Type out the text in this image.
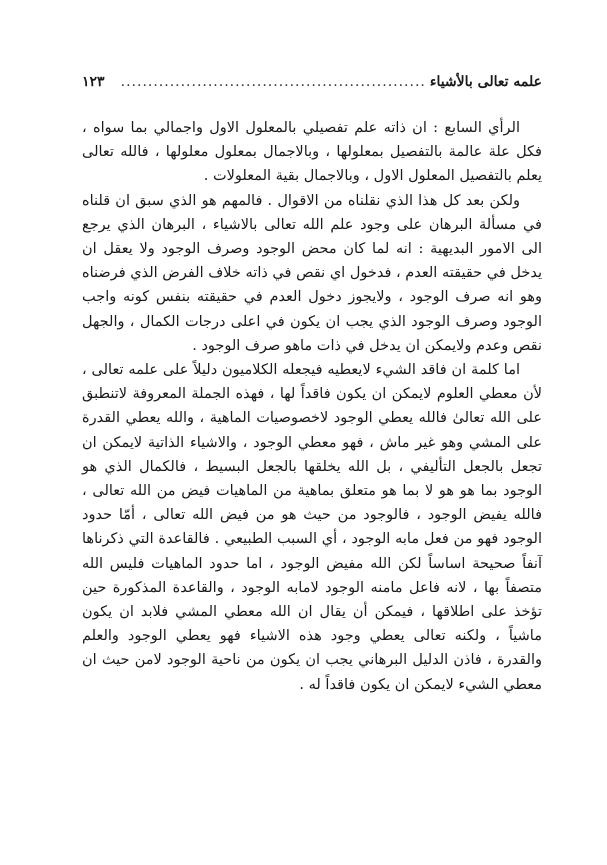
علمه تعالى بالأشياء
........................................................
١٢٣

الرأي السابع : ان ذاته علم تفصيلي بالمعلول الاول واجمالي بما سواه ، فكل علة عالمة بالتفصيل بمعلولها ، وبالاجمال بمعلول معلولها ، فالله تعالى يعلم بالتفصيل المعلول الاول ، وبالاجمال بقية المعلولات .

ولكن بعد كل هذا الذي نقلناه من الاقوال . فالمهم هو الذي سبق ان قلناه في مسألة البرهان على وجود علم الله تعالى بالاشياء ، البرهان الذي يرجع الى الامور البديهية : انه لما كان محض الوجود وصرف الوجود ولا يعقل ان يدخل في حقيقته العدم ، فدخول اي نقص في ذاته خلاف الفرض الذي فرضناه وهو انه صرف الوجود ، ولايجوز دخول العدم في حقيقته بنفس كونه واجب الوجود وصرف الوجود الذي يجب ان يكون في اعلى درجات الكمال ، والجهل نقص وعدم ولايمكن ان يدخل في ذات ماهو صرف الوجود .

اما كلمة ان فاقد الشيء لايعطيه فيجعله الكلاميون دليلاً على علمه تعالى ، لأن معطي العلوم لايمكن ان يكون فاقداً لها ، فهذه الجملة المعروفة لاتنطبق على الله تعالىٰ فالله يعطي الوجود لاخصوصيات الماهية ، والله يعطي القدرة على المشي وهو غير ماش ، فهو معطي الوجود ، والاشياء الذاتية لايمكن ان تجعل بالجعل التأليفي ، بل الله يخلقها بالجعل البسيط ، فالكمال الذي هو الوجود بما هو هو لا بما هو متعلق بماهية من الماهيات فيض من الله تعالى ، فالله يفيض الوجود ، فالوجود من حيث هو من فيض الله تعالى ، أمّا حدود الوجود فهو من فعل مابه الوجود ، أي السبب الطبيعي . فالقاعدة التي ذكرناها آنفاً صحيحة اساساً لكن الله مفيض الوجود ، اما حدود الماهيات فليس الله متصفاً بها ، لانه فاعل مامنه الوجود لامابه الوجود ، والقاعدة المذكورة حين تؤخذ على اطلاقها ، فيمكن أن يقال ان الله معطي المشي فلابد ان يكون ماشياً ، ولكنه تعالى يعطي وجود هذه الاشياء فهو يعطي الوجود والعلم والقدرة ، فاذن الدليل البرهاني يجب ان يكون من ناحية الوجود لامن حيث ان معطي الشيء لايمكن ان يكون فاقداً له .
